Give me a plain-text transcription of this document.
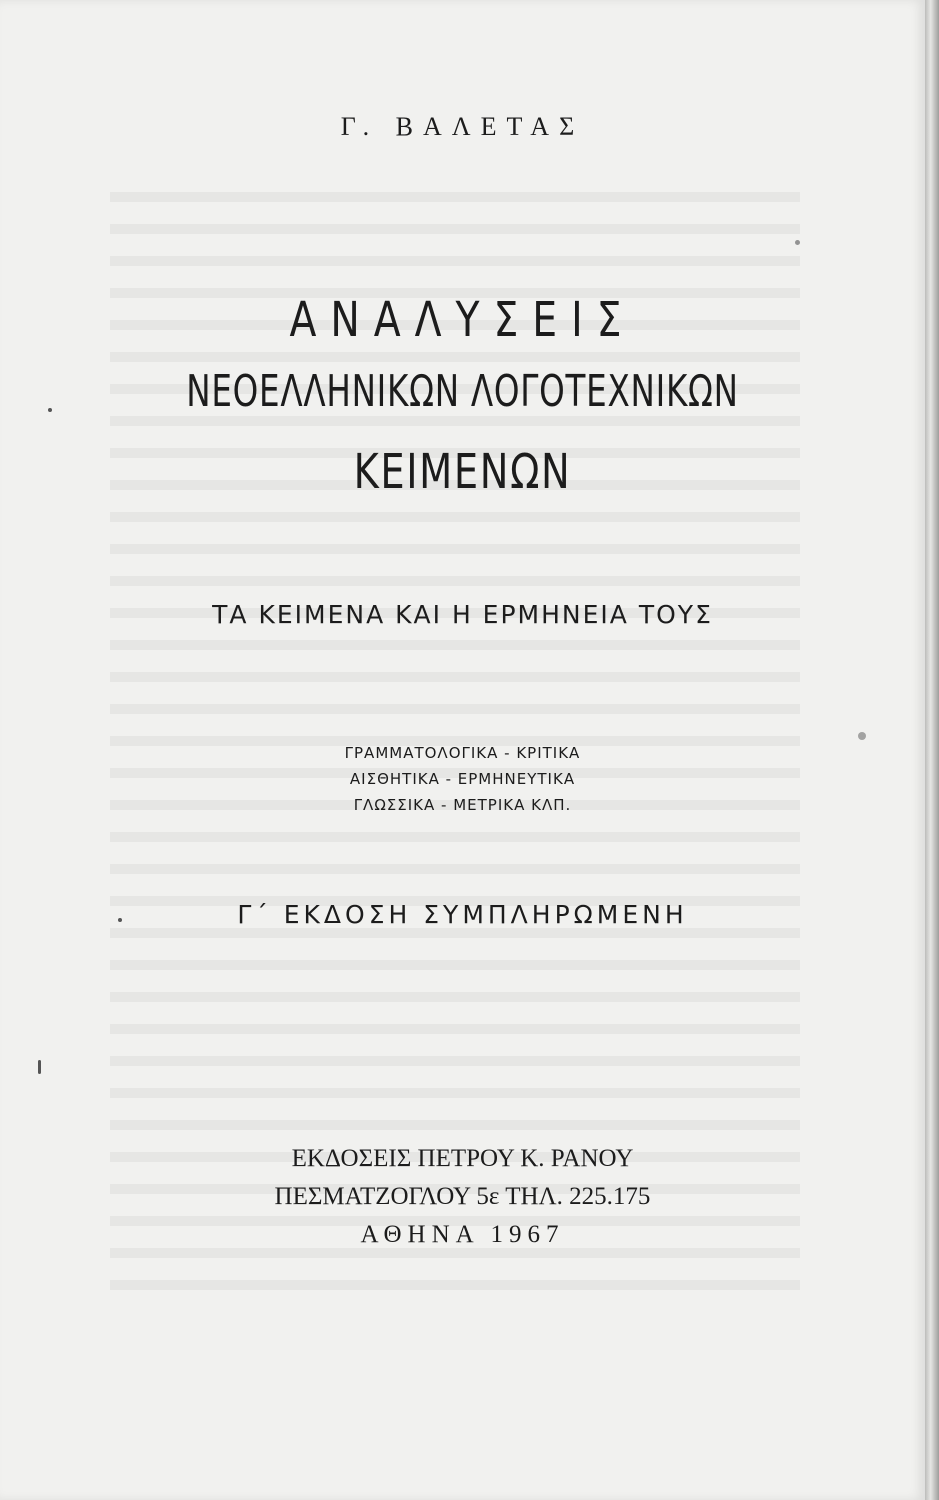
Γ. ΒΑΛΕΤΑΣ
ΑΝΑΛΥΣΕΙΣ
ΝΕΟΕΛΛΗΝΙΚΩΝ ΛΟΓΟΤΕΧΝΙΚΩΝ
ΚΕΙΜΕΝΩΝ
ΤΑ ΚΕΙΜΕΝΑ ΚΑΙ Η ΕΡΜΗΝΕΙΑ ΤΟΥΣ
ΓΡΑΜΜΑΤΟΛΟΓΙΚΑ - ΚΡΙΤΙΚΑ
ΑΙΣΘΗΤΙΚΑ - ΕΡΜΗΝΕΥΤΙΚΑ
ΓΛΩΣΣΙΚΑ - ΜΕΤΡΙΚΑ ΚΛΠ.
Γ΄ ΕΚΔΟΣΗ ΣΥΜΠΛΗΡΩΜΕΝΗ
ΕΚΔΟΣΕΙΣ ΠΕΤΡΟΥ Κ. ΡΑΝΟΥ
ΠΕΣΜΑΤΖΟΓΛΟΥ 5ε ΤΗΛ. 225.175
ΑΘΗΝΑ 1967
